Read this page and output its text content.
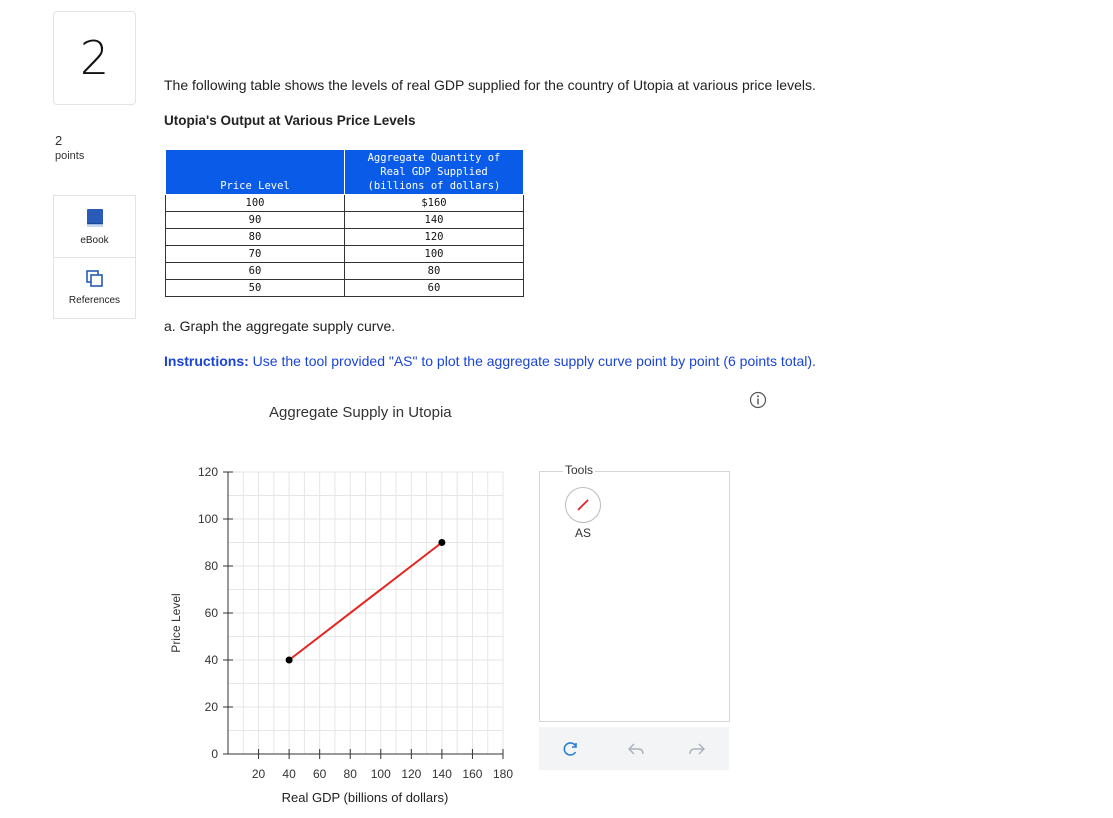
2
2
points
eBook
References
The following table shows the levels of real GDP supplied for the country of Utopia at various price levels.
Utopia's Output at Various Price Levels
Price Level	Aggregate Quantity of
Real GDP Supplied
(billions of dollars)

100	$160
90	140
80	120
70	100
60	80
50	60
a. Graph the aggregate supply curve.
Instructions: Use the tool provided "AS" to plot the aggregate supply curve point by point (6 points total).
Aggregate Supply in Utopia
0
20
40
60
80
100
120
20 40 60 80 100 120 140 160 180
Price Level
Real GDP (billions of dollars)
Tools
AS
